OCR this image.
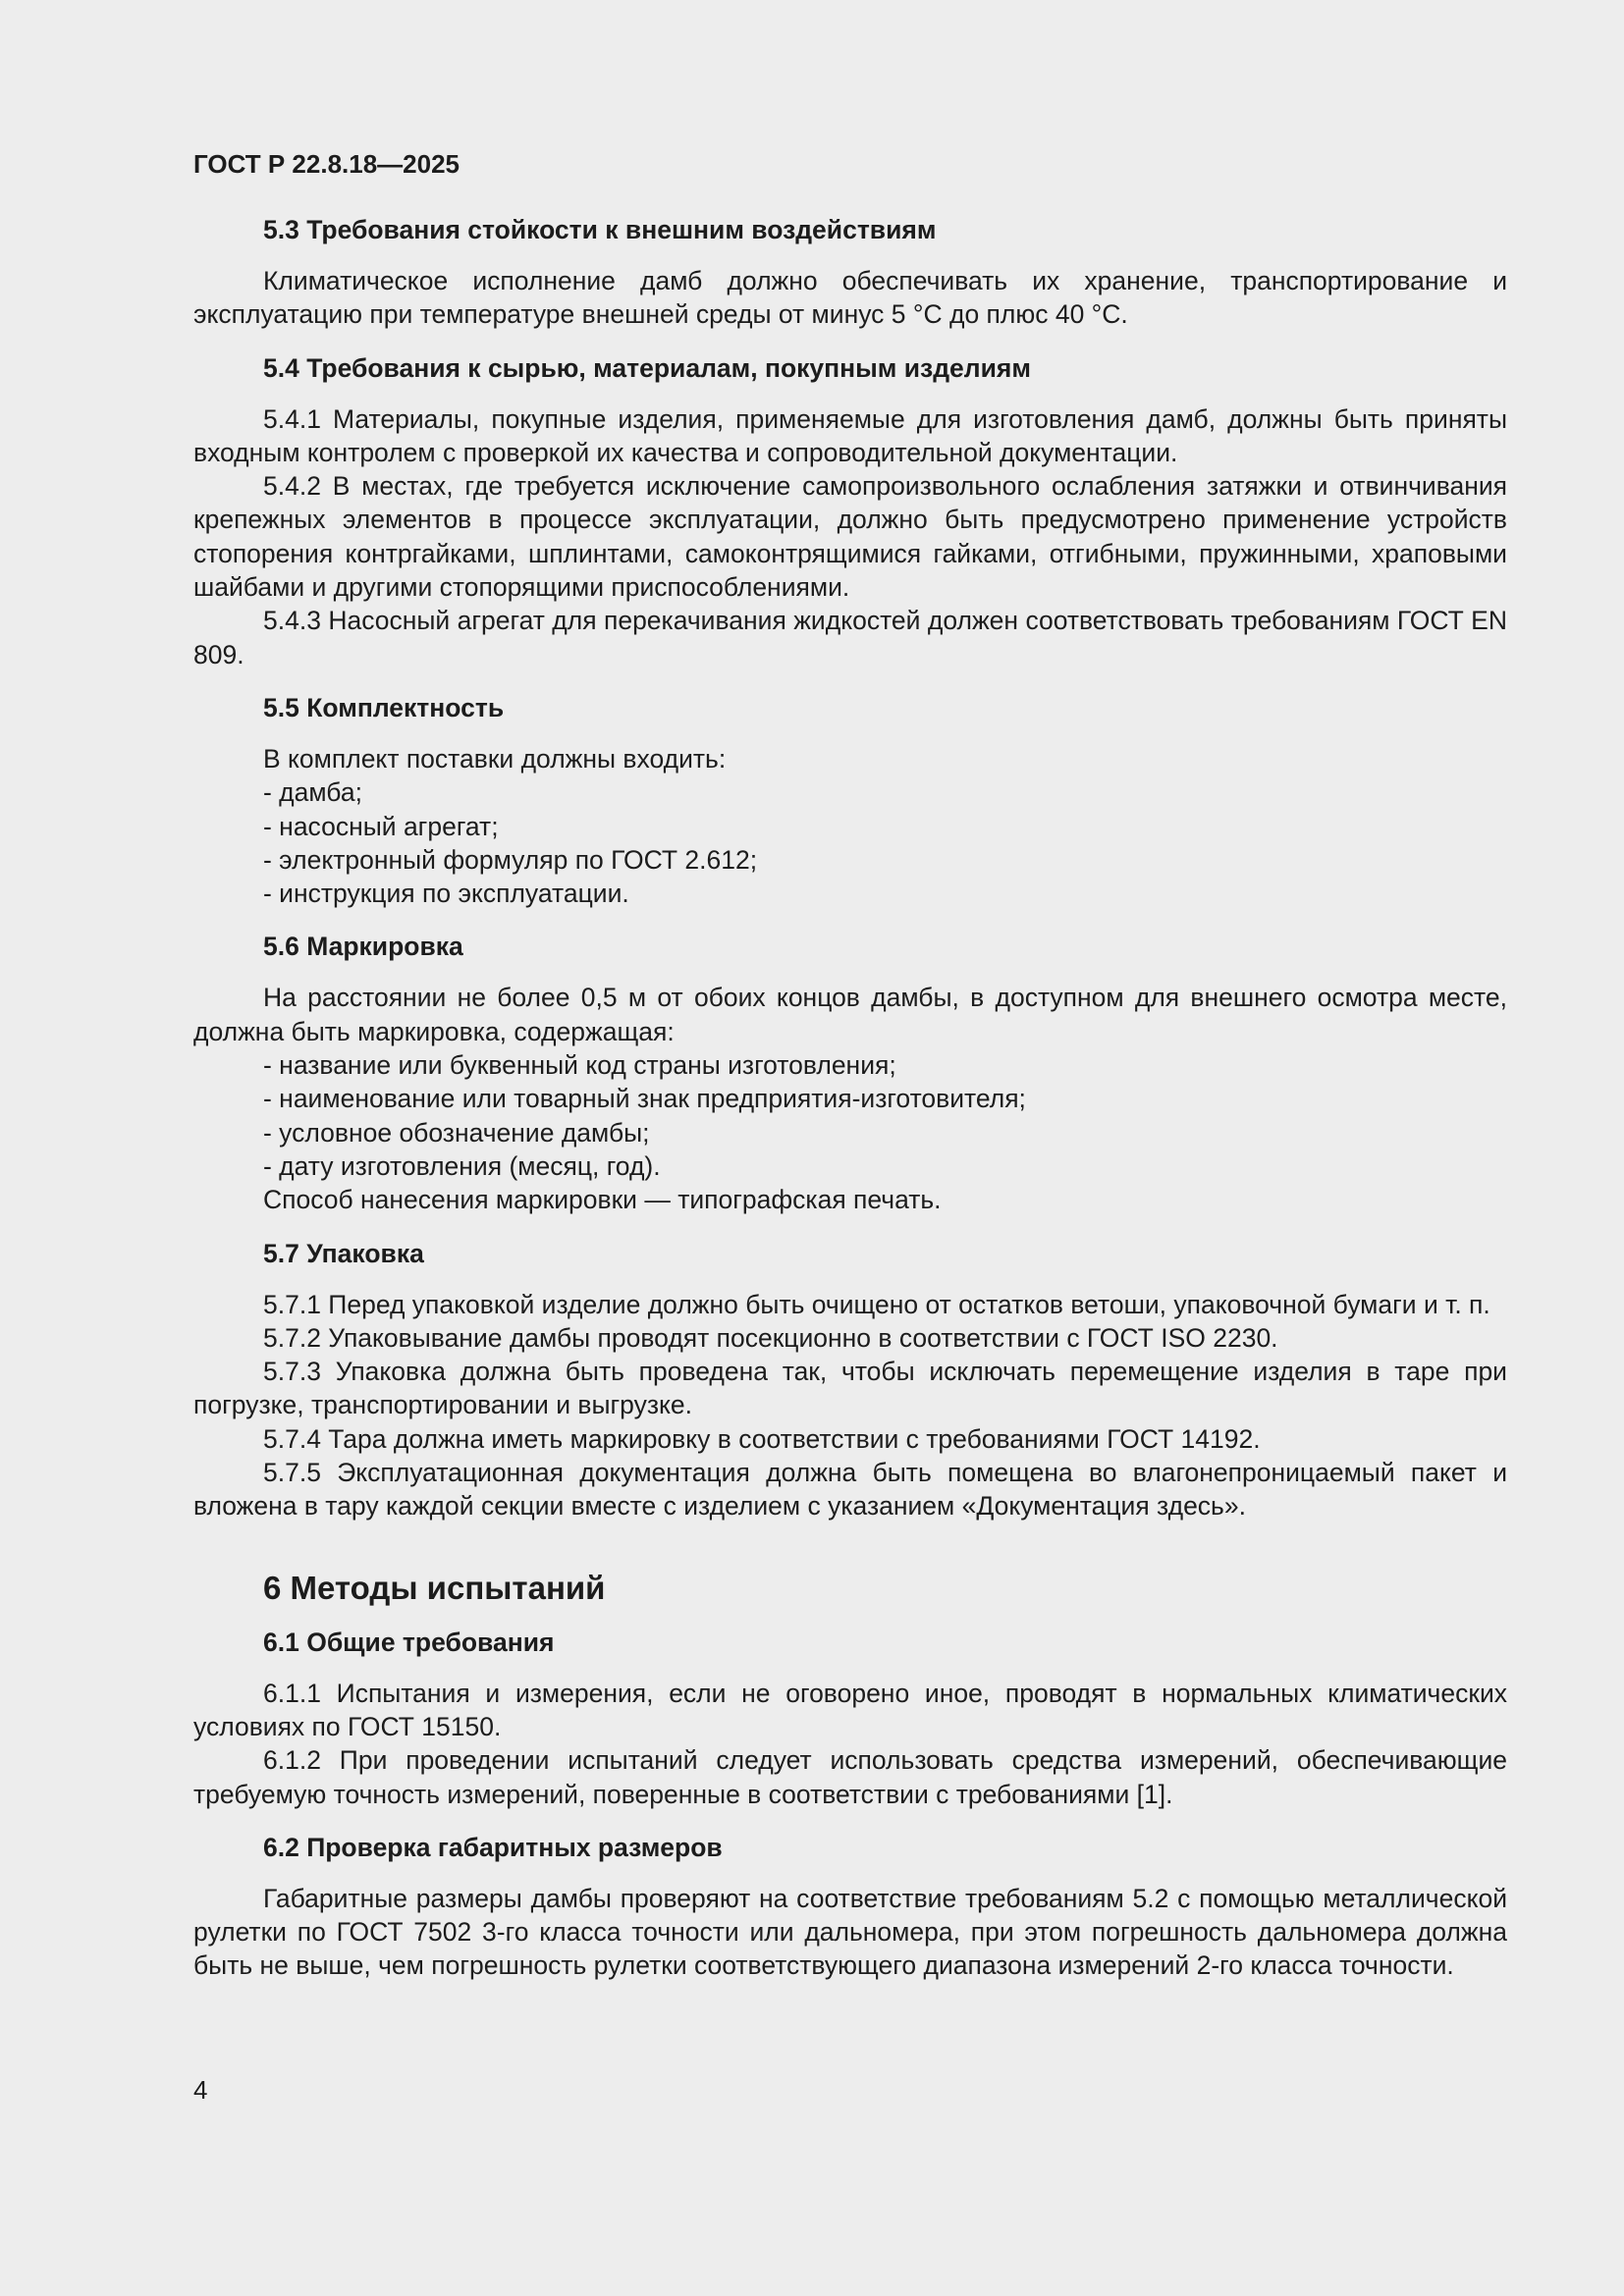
ГОСТ Р 22.8.18—2025
5.3 Требования стойкости к внешним воздействиям

Климатическое исполнение дамб должно обеспечивать их хранение, транспортирование и эксплуатацию при температуре внешней среды от минус 5 °С до плюс 40 °С.

5.4 Требования к сырью, материалам, покупным изделиям

5.4.1 Материалы, покупные изделия, применяемые для изготовления дамб, должны быть приняты входным контролем с проверкой их качества и сопроводительной документации.

5.4.2 В местах, где требуется исключение самопроизвольного ослабления затяжки и отвинчивания крепежных элементов в процессе эксплуатации, должно быть предусмотрено применение устройств стопорения контргайками, шплинтами, самоконтрящимися гайками, отгибными, пружинными, храповыми шайбами и другими стопорящими приспособлениями.

5.4.3 Насосный агрегат для перекачивания жидкостей должен соответствовать требованиям ГОСТ EN 809.

5.5 Комплектность

В комплект поставки должны входить:

- дамба;

- насосный агрегат;

- электронный формуляр по ГОСТ 2.612;

- инструкция по эксплуатации.

5.6 Маркировка

На расстоянии не более 0,5 м от обоих концов дамбы, в доступном для внешнего осмотра месте, должна быть маркировка, содержащая:

- название или буквенный код страны изготовления;

- наименование или товарный знак предприятия-изготовителя;

- условное обозначение дамбы;

- дату изготовления (месяц, год).

Способ нанесения маркировки — типографская печать.

5.7 Упаковка

5.7.1 Перед упаковкой изделие должно быть очищено от остатков ветоши, упаковочной бумаги и т. п.

5.7.2 Упаковывание дамбы проводят посекционно в соответствии с ГОСТ ISO 2230.

5.7.3 Упаковка должна быть проведена так, чтобы исключать перемещение изделия в таре при погрузке, транспортировании и выгрузке.

5.7.4 Тара должна иметь маркировку в соответствии с требованиями ГОСТ 14192.

5.7.5 Эксплуатационная документация должна быть помещена во влагонепроницаемый пакет и вложена в тару каждой секции вместе с изделием с указанием «Документация здесь».

6 Методы испытаний
6.1 Общие требования

6.1.1 Испытания и измерения, если не оговорено иное, проводят в нормальных климатических условиях по ГОСТ 15150.

6.1.2 При проведении испытаний следует использовать средства измерений, обеспечивающие требуемую точность измерений, поверенные в соответствии с требованиями [1].

6.2 Проверка габаритных размеров

Габаритные размеры дамбы проверяют на соответствие требованиям 5.2 с помощью металлической рулетки по ГОСТ 7502 3-го класса точности или дальномера, при этом погрешность дальномера должна быть не выше, чем погрешность рулетки соответствующего диапазона измерений 2-го класса точности.

4
